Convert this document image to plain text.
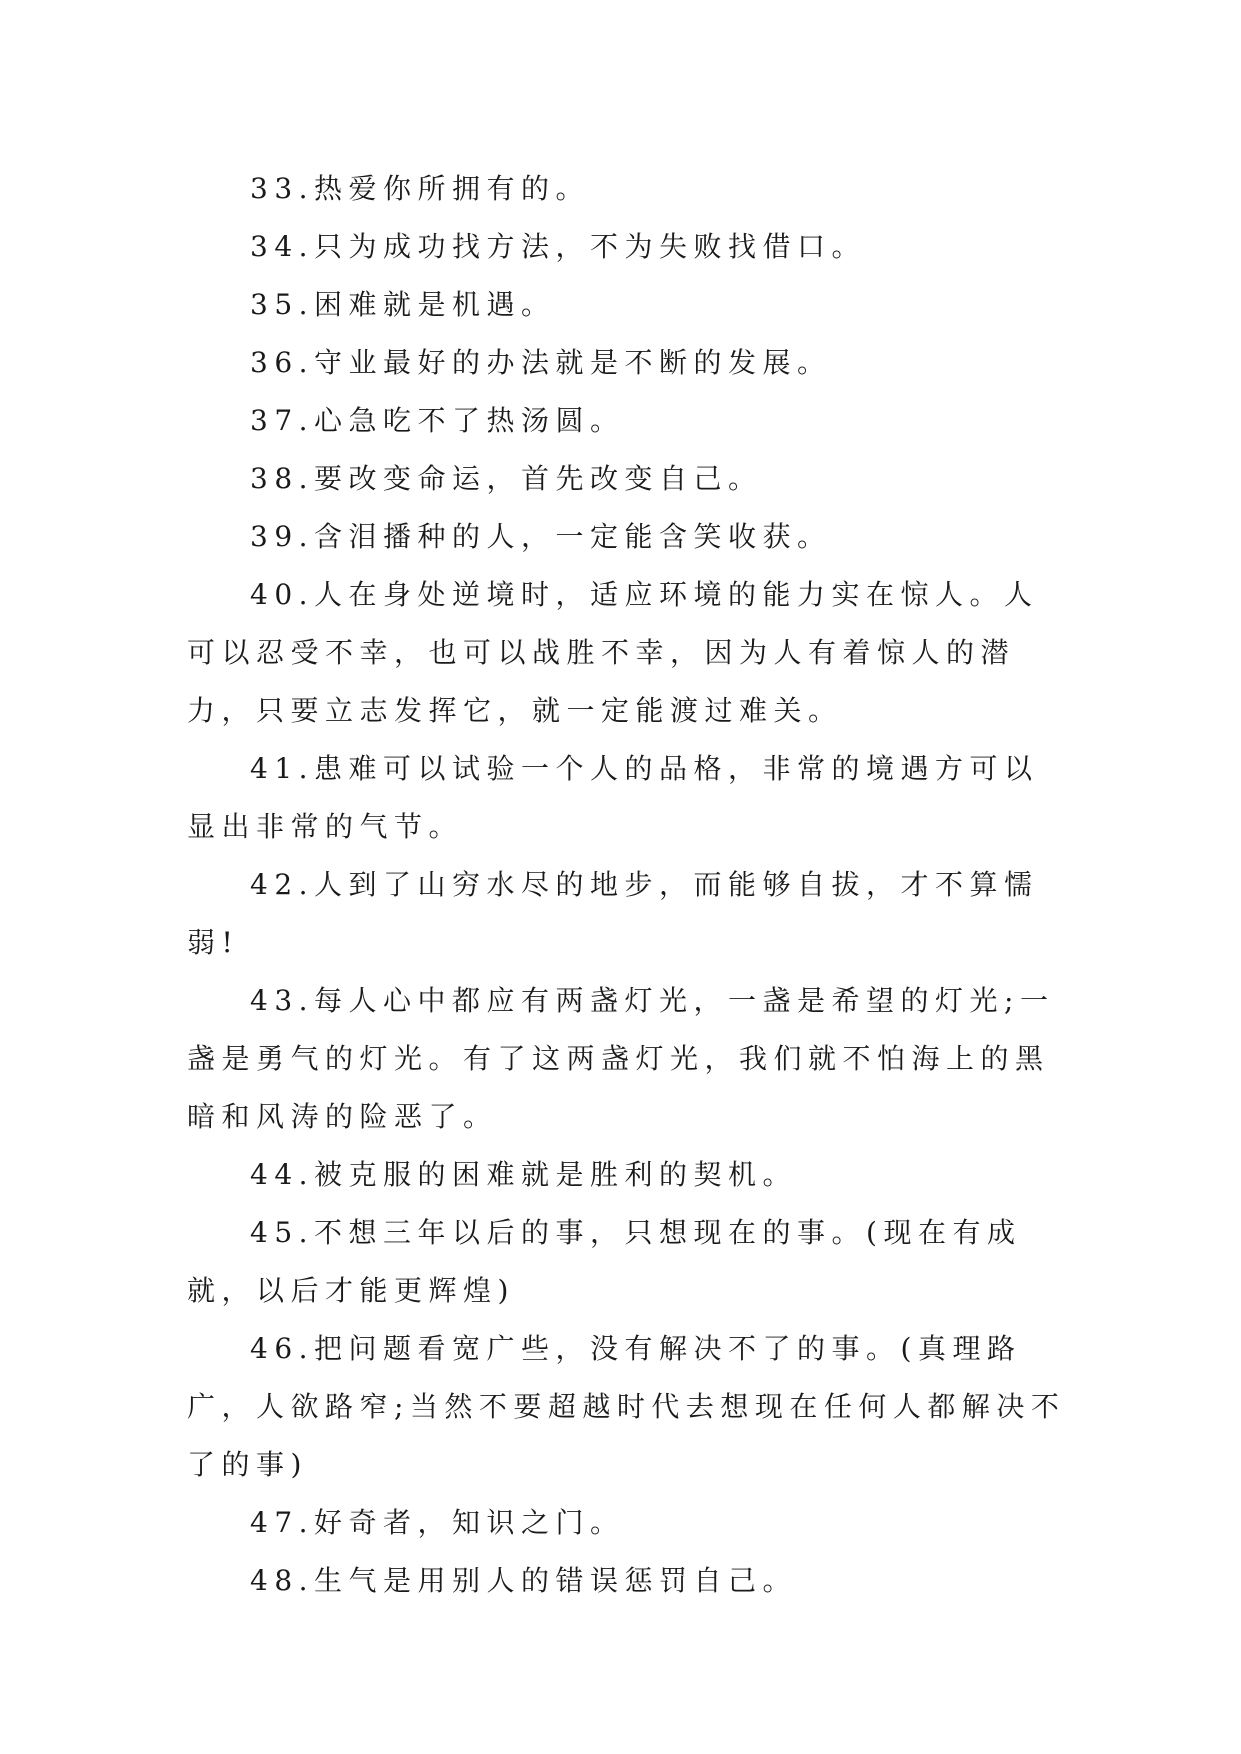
33.热爱你所拥有的。

34.只为成功找方法，不为失败找借口。

35.困难就是机遇。

36.守业最好的办法就是不断的发展。

37.心急吃不了热汤圆。

38.要改变命运，首先改变自己。

39.含泪播种的人，一定能含笑收获。

40.人在身处逆境时，适应环境的能力实在惊人。人可以忍受不幸，也可以战胜不幸，因为人有着惊人的潜力，只要立志发挥它，就一定能渡过难关。

41.患难可以试验一个人的品格，非常的境遇方可以显出非常的气节。

42.人到了山穷水尽的地步，而能够自拔，才不算懦弱!

43.每人心中都应有两盏灯光，一盏是希望的灯光;一盏是勇气的灯光。有了这两盏灯光，我们就不怕海上的黑暗和风涛的险恶了。

44.被克服的困难就是胜利的契机。

45.不想三年以后的事，只想现在的事。(现在有成就，以后才能更辉煌)

46.把问题看宽广些，没有解决不了的事。(真理路广，人欲路窄;当然不要超越时代去想现在任何人都解决不了的事)

47.好奇者，知识之门。

48.生气是用别人的错误惩罚自己。
